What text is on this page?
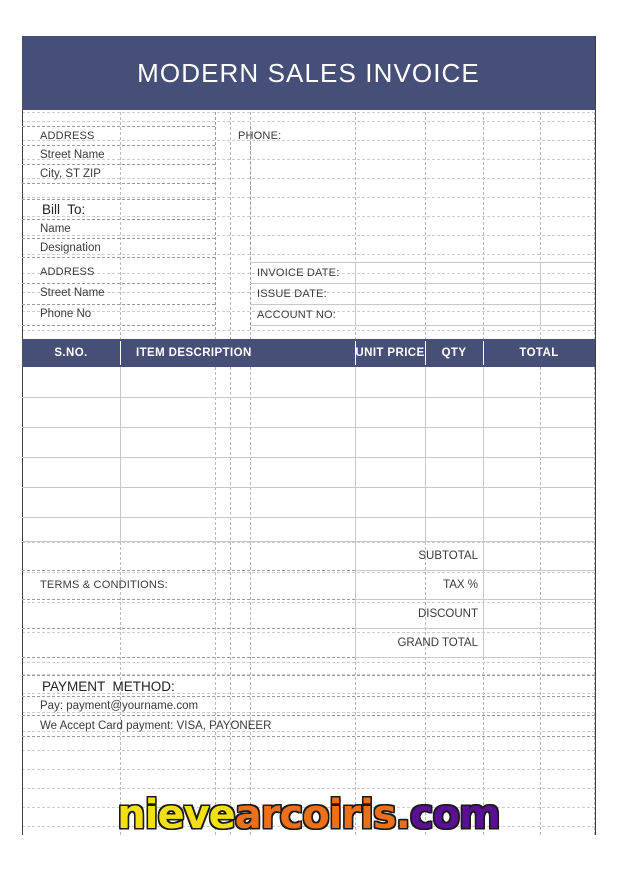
MODERN SALES INVOICE
ADDRESS
Street Name
City, ST ZIP
PHONE:
Bill  To:
Name
Designation
ADDRESS
Street Name
Phone No
INVOICE DATE:
ISSUE DATE:
ACCOUNT NO:
S.NO.	ITEM DESCRIPTION	UNIT PRICE	QTY	TOTAL
SUBTOTAL
TAX %
DISCOUNT
GRAND TOTAL
TERMS & CONDITIONS:
PAYMENT  METHOD:
Pay: payment@yourname.com
We Accept Card payment: VISA, PAYONEER
nievearcoiris.com
